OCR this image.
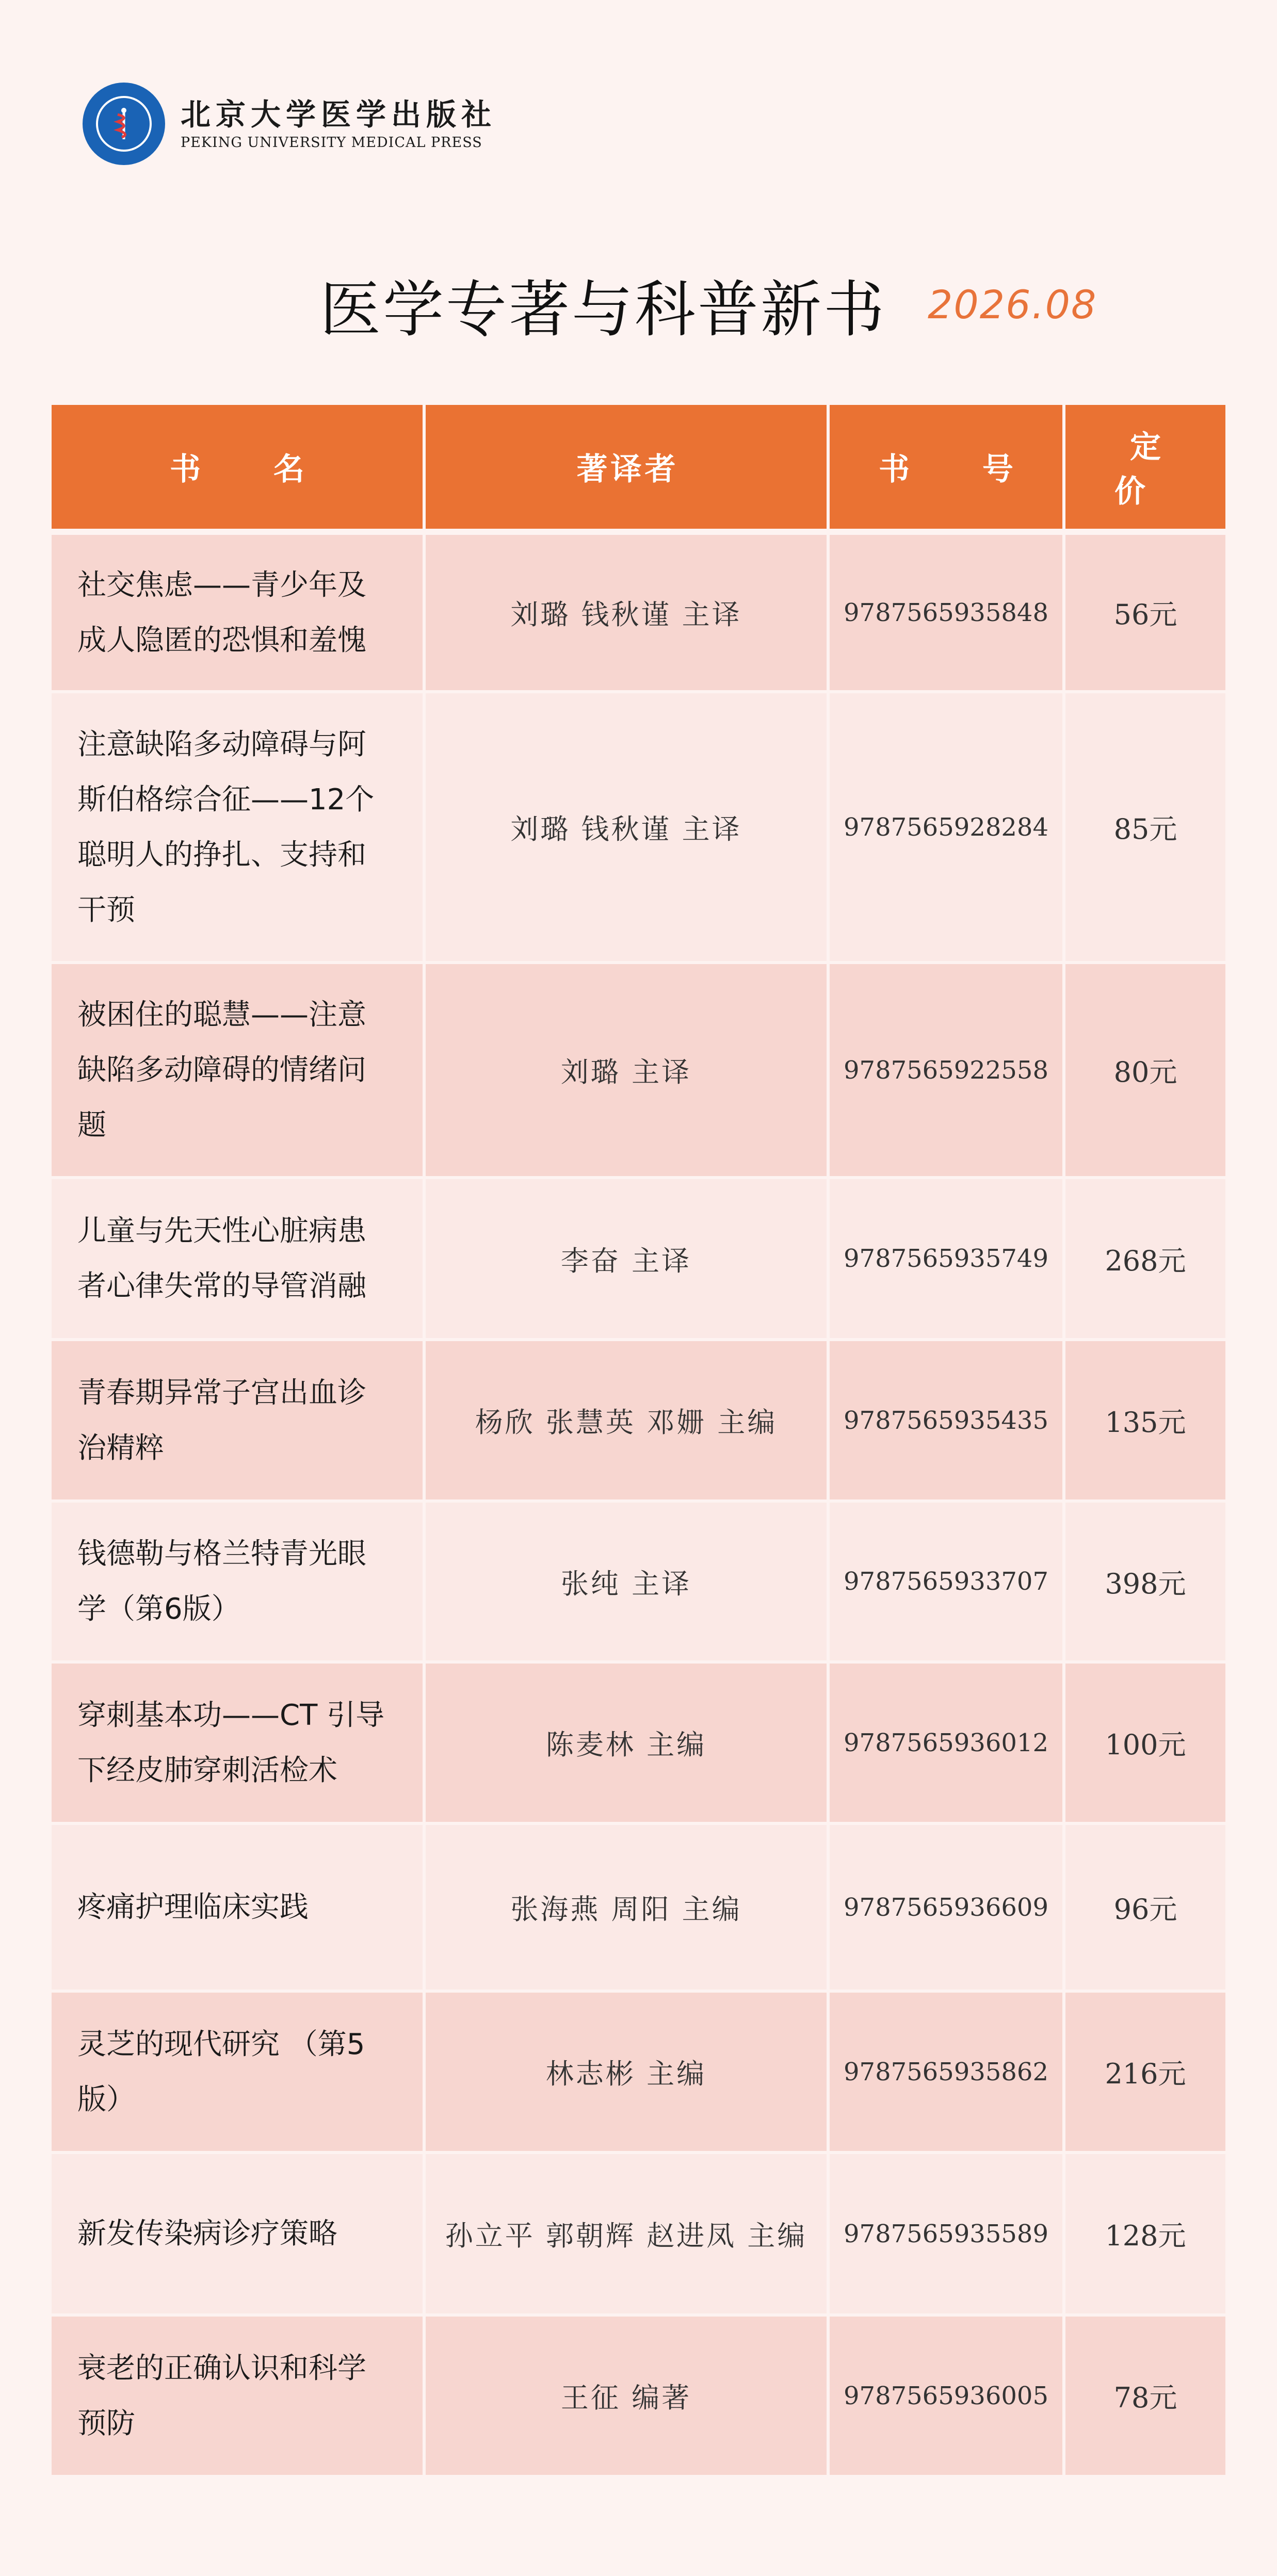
北京大学医学出版社
PEKING UNIVERSITY MEDICAL PRESS
医学专著与科普新书 2026.08
书 名	著译者	书 号	定 价
社交焦虑——青少年及成人隐匿的恐惧和羞愧	刘璐 钱秋谨 主译	9787565935848	56元
注意缺陷多动障碍与阿斯伯格综合征——12个聪明人的挣扎、支持和干预	刘璐 钱秋谨 主译	9787565928284	85元
被困住的聪慧——注意缺陷多动障碍的情绪问题	刘璐 主译	9787565922558	80元
儿童与先天性心脏病患者心律失常的导管消融	李奋 主译	9787565935749	268元
青春期异常子宫出血诊治精粹	杨欣 张慧英 邓姗 主编	9787565935435	135元
钱德勒与格兰特青光眼学（第6版）	张纯 主译	9787565933707	398元
穿刺基本功——CT 引导下经皮肺穿刺活检术	陈麦林 主编	9787565936012	100元
疼痛护理临床实践	张海燕 周阳 主编	9787565936609	96元
灵芝的现代研究 （第5版）	林志彬 主编	9787565935862	216元
新发传染病诊疗策略	孙立平 郭朝辉 赵进凤 主编	9787565935589	128元
衰老的正确认识和科学预防	王征 编著	9787565936005	78元
